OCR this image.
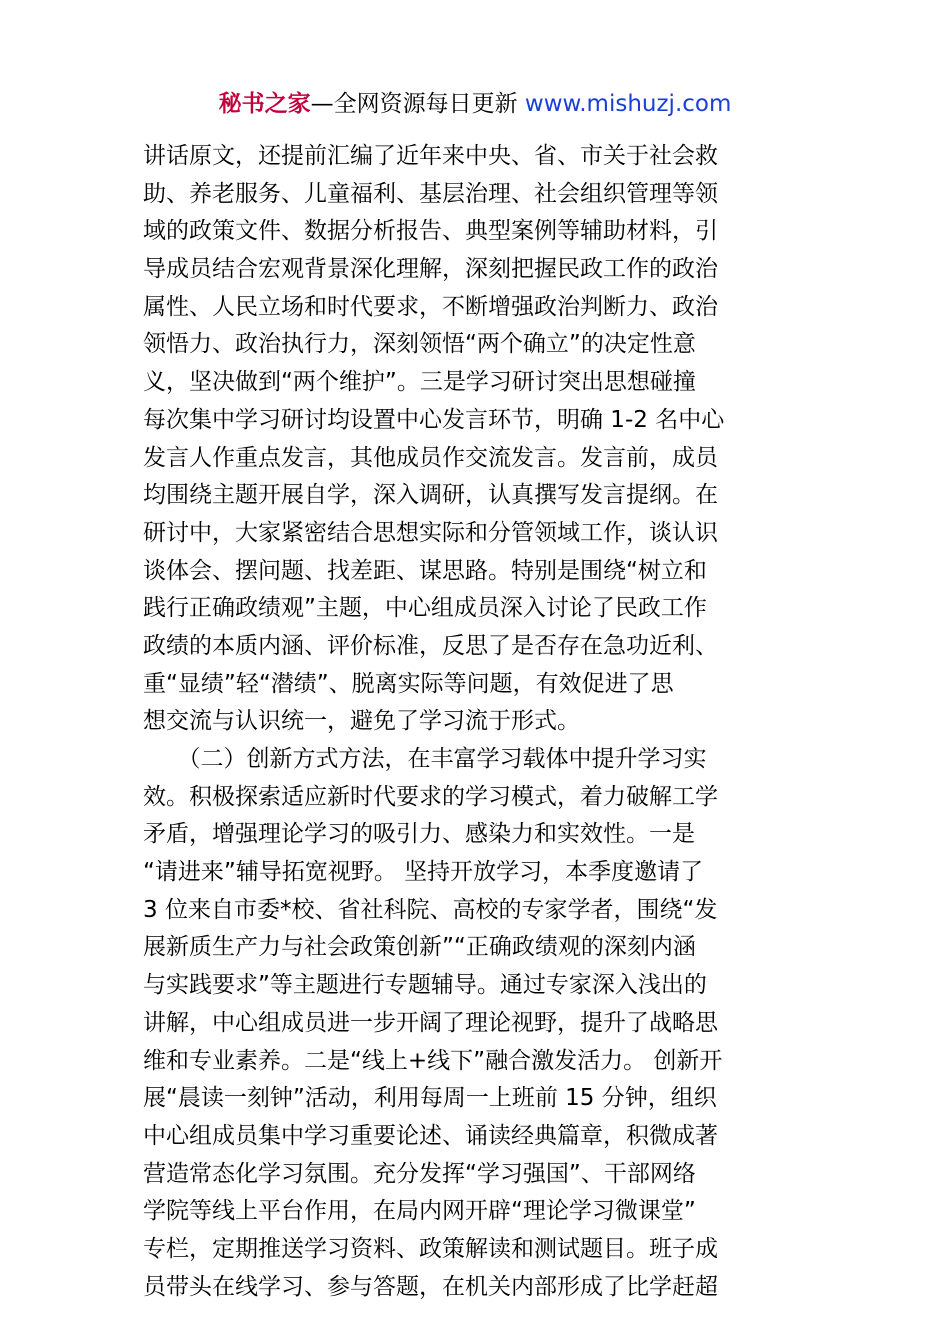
秘书之家—全网资源每日更新 www.mishuzj.com
讲话原文，还提前汇编了近年来中央、省、市关于社会救
助、养老服务、儿童福利、基层治理、社会组织管理等领
域的政策文件、数据分析报告、典型案例等辅助材料，引
导成员结合宏观背景深化理解，深刻把握民政工作的政治
属性、人民立场和时代要求，不断增强政治判断力、政治
领悟力、政治执行力，深刻领悟“两个确立”的决定性意
义，坚决做到“两个维护”。三是学习研讨突出思想碰撞
每次集中学习研讨均设置中心发言环节，明确 1-2 名中心
发言人作重点发言，其他成员作交流发言。发言前，成员
均围绕主题开展自学，深入调研，认真撰写发言提纲。在
研讨中，大家紧密结合思想实际和分管领域工作，谈认识
谈体会、摆问题、找差距、谋思路。特别是围绕“树立和
践行正确政绩观”主题，中心组成员深入讨论了民政工作
政绩的本质内涵、评价标准，反思了是否存在急功近利、
重“显绩”轻“潜绩”、脱离实际等问题，有效促进了思
想交流与认识统一，避免了学习流于形式。
　　（二）创新方式方法，在丰富学习载体中提升学习实
效。积极探索适应新时代要求的学习模式，着力破解工学
矛盾，增强理论学习的吸引力、感染力和实效性。一是
“请进来”辅导拓宽视野。 坚持开放学习，本季度邀请了
3 位来自市委*校、省社科院、高校的专家学者，围绕“发
展新质生产力与社会政策创新”“正确政绩观的深刻内涵
与实践要求”等主题进行专题辅导。通过专家深入浅出的
讲解，中心组成员进一步开阔了理论视野，提升了战略思
维和专业素养。二是“线上+线下”融合激发活力。 创新开
展“晨读一刻钟”活动，利用每周一上班前 15 分钟，组织
中心组成员集中学习重要论述、诵读经典篇章，积微成著
营造常态化学习氛围。充分发挥“学习强国”、干部网络
学院等线上平台作用，在局内网开辟“理论学习微课堂”
专栏，定期推送学习资料、政策解读和测试题目。班子成
员带头在线学习、参与答题，在机关内部形成了比学赶超
